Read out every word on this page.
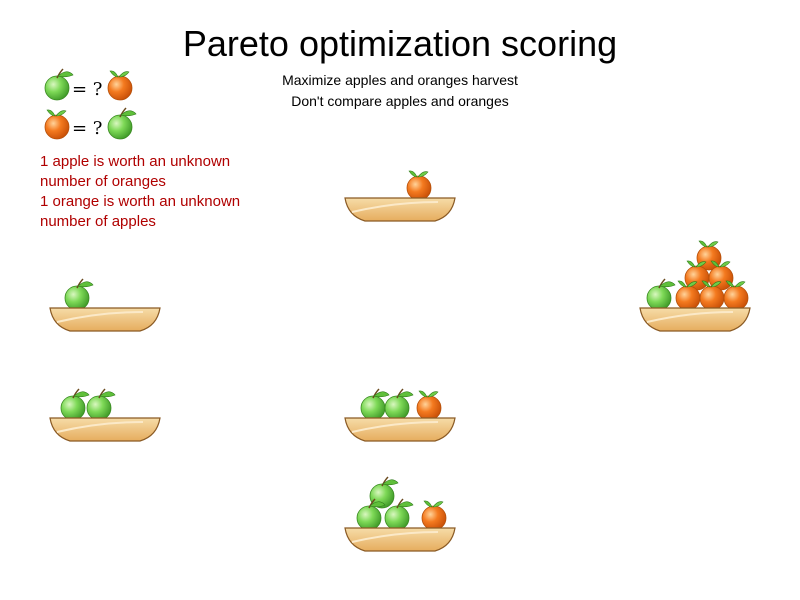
Pareto optimization scoring
Maximize apples and oranges harvest
Don't compare apples and oranges
= ?
= ?
1 apple is worth an unknown
number of oranges
1 orange is worth an unknown
number of apples
